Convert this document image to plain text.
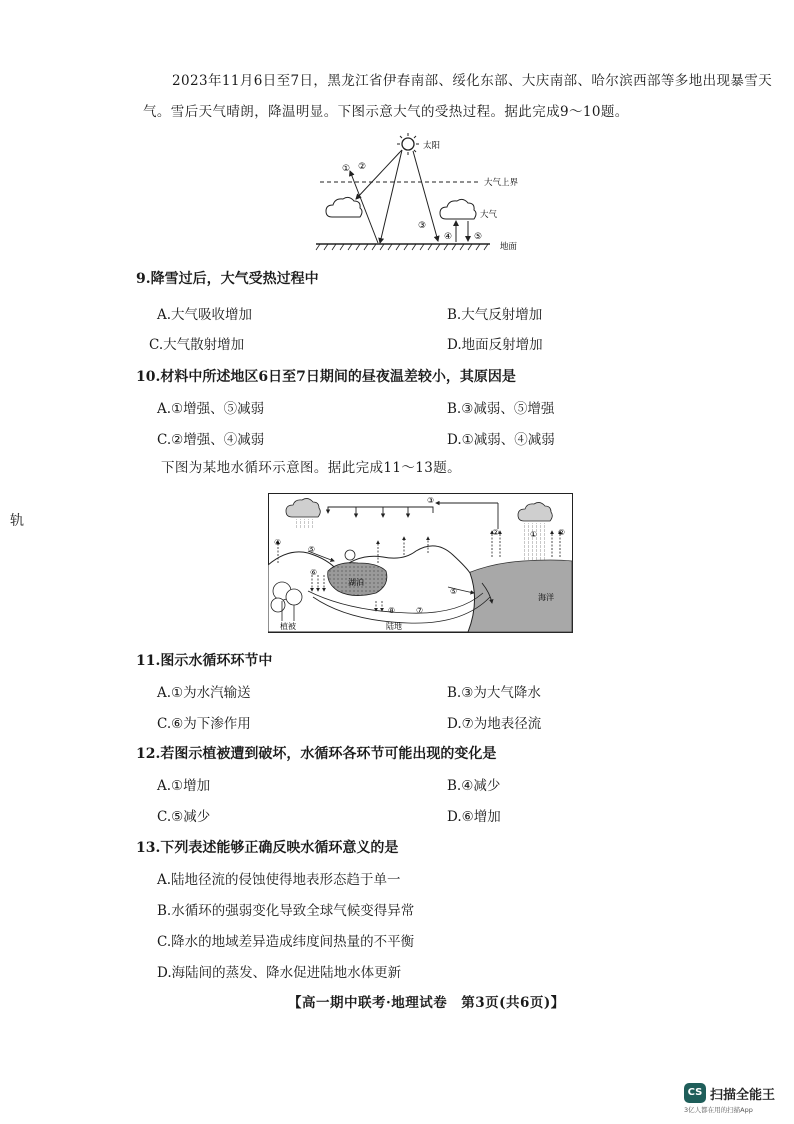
2023年11月6日至7日，黑龙江省伊春南部、绥化东部、大庆南部、哈尔滨西部等多地出现暴雪天
气。雪后天气晴朗，降温明显。下图示意大气的受热过程。据此完成9～10题。
太阳
大气上界
地面
大气
① ②
③
④ ⑤
9.降雪过后，大气受热过程中
A.大气吸收增加	B.大气反射增加
C.大气散射增加	D.地面反射增加
10.材料中所述地区6日至7日期间的昼夜温差较小，其原因是
A.①增强、⑤减弱	B.③减弱、⑤增强
C.②增强、④减弱	D.①减弱、④减弱
下图为某地水循环示意图。据此完成11～13题。
轨
湖泊
海洋
植被	陆地
③
②	②
①
④
⑤
⑤
⑥
⑦
⑧
11.图示水循环环节中
A.①为水汽输送	B.③为大气降水
C.⑥为下渗作用	D.⑦为地表径流
12.若图示植被遭到破坏，水循环各环节可能出现的变化是
A.①增加	B.④减少
C.⑤减少	D.⑥增加
13.下列表述能够正确反映水循环意义的是
A.陆地径流的侵蚀使得地表形态趋于单一
B.水循环的强弱变化导致全球气候变得异常
C.降水的地域差异造成纬度间热量的不平衡
D.海陆间的蒸发、降水促进陆地水体更新
【高一期中联考·地理试卷　第3页(共6页)】
CS 扫描全能王
3亿人都在用的扫描App
